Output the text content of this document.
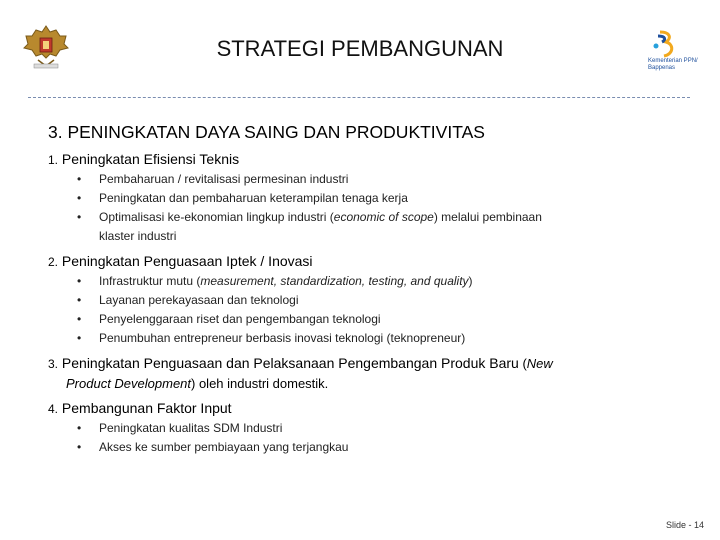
STRATEGI PEMBANGUNAN	Kementerian PPN/
Bappenas
3. PENINGKATAN DAYA SAING DAN PRODUKTIVITAS
1. Peningkatan Efisiensi Teknis
• Pembaharuan / revitalisasi permesinan industri
• Peningkatan dan pembaharuan keterampilan tenaga kerja
• Optimalisasi ke-ekonomian lingkup industri (economic of scope) melalui pembinaan
klaster industri
2. Peningkatan Penguasaan Iptek / Inovasi
• Infrastruktur mutu (measurement, standardization, testing, and quality)
• Layanan perekayasaan dan teknologi
• Penyelenggaraan riset dan pengembangan teknologi
• Penumbuhan entrepreneur berbasis inovasi teknologi (teknopreneur)
3. Peningkatan Penguasaan dan Pelaksanaan Pengembangan Produk Baru (New
Product Development) oleh industri domestik.
4. Pembangunan Faktor Input
• Peningkatan kualitas SDM Industri
• Akses ke sumber pembiayaan yang terjangkau
Slide - 14
